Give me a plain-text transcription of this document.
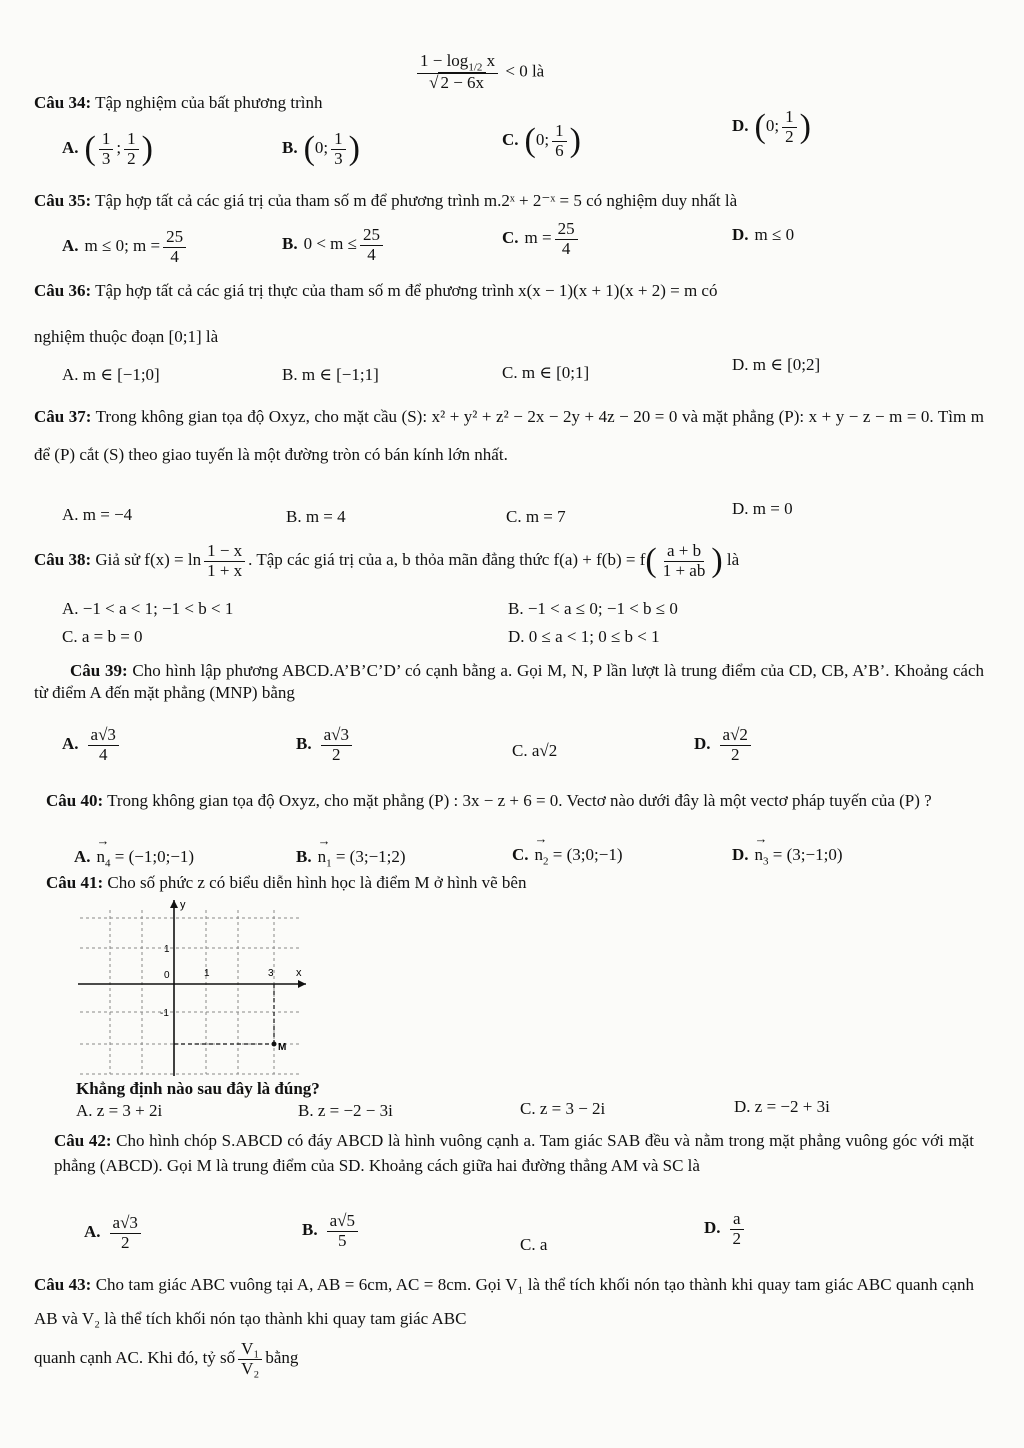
$\frac{1 - \log_{1/2} x}{√ 2 - 6x} < 0$ là
Câu 34: Tập nghiệm của bất phương trình
A. ( $\frac{1}{3}$ ; $\frac{1}{2}$ )	B. (0; $\frac{1}{3}$ )	C. (0; $\frac{1}{6}$ )	D. (0; $\frac{1}{2}$ )
Câu 35: Tập hợp tất cả các giá trị của tham số m để phương trình m.2ˣ + 2⁻ˣ = 5 có nghiệm duy nhất là
A. m ≤ 0; $m = \frac{25}{4}$	B. $0 < m \le \frac{25}{4}$	C. $m = \frac{25}{4}$	D. m ≤ 0
Câu 36: Tập hợp tất cả các giá trị thực của tham số m để phương trình x(x − 1)(x + 1)(x + 2) = m có
nghiệm thuộc đoạn [0;1] là
A. m ∈ [−1;0]	B. m ∈ [−1;1]	C. m ∈ [0;1]	D. m ∈ [0;2]
Câu 37: Trong không gian tọa độ Oxyz, cho mặt cầu (S): x² + y² + z² − 2x − 2y + 4z − 20 = 0 và mặt phẳng (P): x + y − z − m = 0. Tìm m để (P) cắt (S) theo giao tuyến là một đường tròn có bán kính lớn nhất.
A. m = −4	B. m = 4	C. m = 7	D. m = 0
Câu 38: Giả sử $f(x) = \ln \frac{1 - x}{1 + x}$ . Tập các giá trị của a, b thỏa mãn đẳng thức $f(a) + f(b) = f( \frac{a + b}{1 + ab}$ ) là
A. −1 < a < 1; −1 < b < 1	B. −1 < a ≤ 0; −1 < b ≤ 0
C. a = b = 0	D. 0 ≤ a < 1; 0 ≤ b < 1
Câu 39: Cho hình lập phương ABCD.A’B’C’D’ có cạnh bằng a. Gọi M, N, P lần lượt là trung điểm của CD, CB, A’B’. Khoảng cách từ điểm A đến mặt phẳng (MNP) bằng
A. $\frac{a√3}{4}$	B. $\frac{a√3}{2}$	C. a√2	D. $\frac{a√2}{2}$
Câu 40: Trong không gian tọa độ Oxyz, cho mặt phẳng (P) : 3x − z + 6 = 0. Vectơ nào dưới đây là một vectơ pháp tuyến của (P) ?
$A.\to n_4$ = (−1;0;−1)	$B.\to n_1$ = (3;−1;2)	$C.\to n_2$ = (3;0;−1)	$D.\to n_3$ = (3;−1;0)
Câu 41: Cho số phức z có biểu diễn hình học là điểm M ở hình vẽ bên
y
x
0	1	3
1
-1
M
Khẳng định nào sau đây là đúng?
A. z = 3 + 2i	B. z = −2 − 3i	C. z = 3 − 2i	D. z = −2 + 3i
Câu 42: Cho hình chóp S.ABCD có đáy ABCD là hình vuông cạnh a. Tam giác SAB đều và nằm trong mặt phẳng vuông góc với mặt phẳng (ABCD). Gọi M là trung điểm của SD. Khoảng cách giữa hai đường thẳng AM và SC là
A. $\frac{a√3}{2}$	B. $\frac{a√5}{5}$	C. a
D. $\frac{a}{2}$
Câu 43: Cho tam giác ABC vuông tại A, AB = 6cm, AC = 8cm. Gọi V₁ là thể tích khối nón tạo thành khi quay tam giác ABC quanh cạnh AB và V₂ là thể tích khối nón tạo thành khi quay tam giác ABC
quanh cạnh AC. Khi đó, tỷ số $\frac{\text{V₁}}{\text{V₂}}$ bằng
